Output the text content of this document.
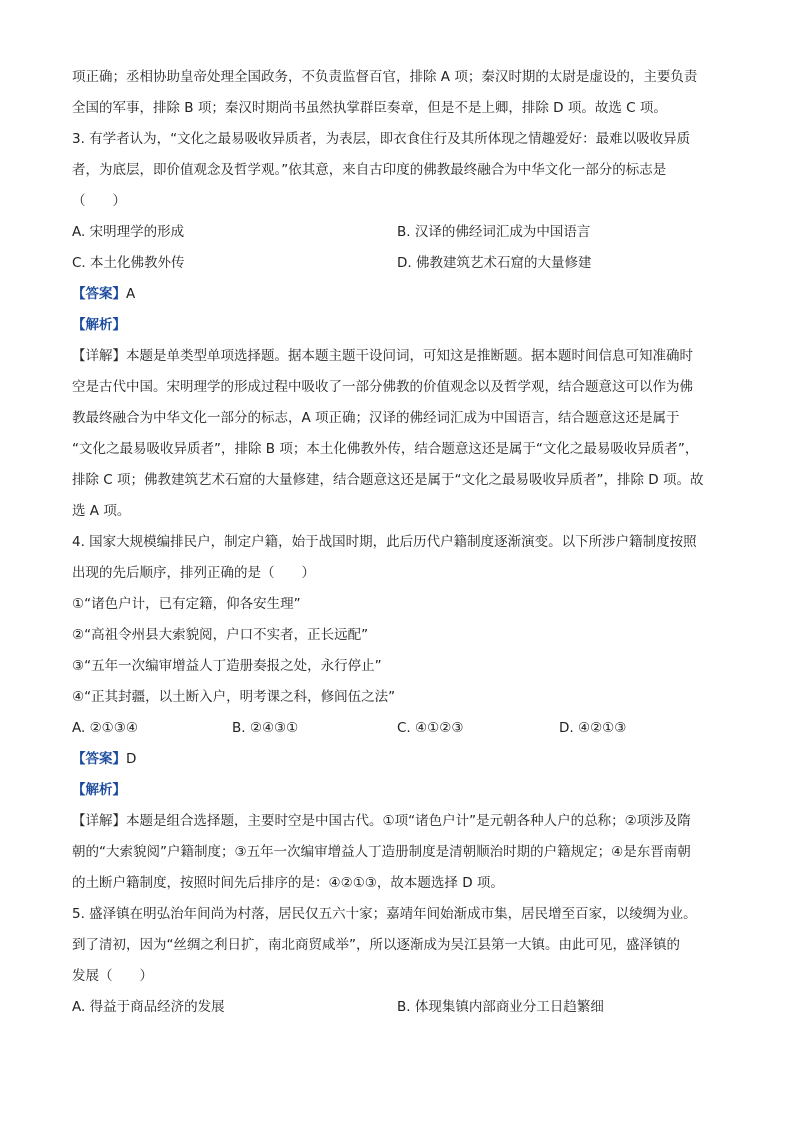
项正确；丞相协助皇帝处理全国政务，不负责监督百官，排除 A 项；秦汉时期的太尉是虚设的，主要负责
全国的军事，排除 B 项；秦汉时期尚书虽然执掌群臣奏章，但是不是上卿，排除 D 项。故选 C 项。
3. 有学者认为，“文化之最易吸收异质者，为表层，即衣食住行及其所体现之情趣爱好：最难以吸收异质
者，为底层，即价值观念及哲学观。”依其意，来自古印度的佛教最终融合为中华文化一部分的标志是
（　　）
A. 宋明理学的形成	B. 汉译的佛经词汇成为中国语言
C. 本土化佛教外传	D. 佛教建筑艺术石窟的大量修建
【答案】A
【解析】
【详解】本题是单类型单项选择题。据本题主题干设问词，可知这是推断题。据本题时间信息可知准确时
空是古代中国。宋明理学的形成过程中吸收了一部分佛教的价值观念以及哲学观，结合题意这可以作为佛
教最终融合为中华文化一部分的标志，A 项正确；汉译的佛经词汇成为中国语言，结合题意这还是属于
“文化之最易吸收异质者”，排除 B 项；本土化佛教外传，结合题意这还是属于“文化之最易吸收异质者”，
排除 C 项；佛教建筑艺术石窟的大量修建，结合题意这还是属于“文化之最易吸收异质者”，排除 D 项。故
选 A 项。
4. 国家大规模编排民户，制定户籍，始于战国时期，此后历代户籍制度逐渐演变。以下所涉户籍制度按照
出现的先后顺序，排列正确的是（　　）
①“诸色户计，已有定籍，仰各安生理”
②“高祖令州县大索貌阅，户口不实者，正长远配”
③“五年一次编审增益人丁造册奏报之处，永行停止”
④“正其封疆，以土断入户，明考课之科，修闾伍之法”
A. ②①③④	B. ②④③①	C. ④①②③	D. ④②①③
【答案】D
【解析】
【详解】本题是组合选择题，主要时空是中国古代。①项“诸色户计”是元朝各种人户的总称；②项涉及隋
朝的“大索貌阅”户籍制度；③五年一次编审增益人丁造册制度是清朝顺治时期的户籍规定；④是东晋南朝
的土断户籍制度，按照时间先后排序的是：④②①③，故本题选择 D 项。
5. 盛泽镇在明弘治年间尚为村落，居民仅五六十家；嘉靖年间始渐成市集，居民增至百家，以绫绸为业。
到了清初，因为“丝绸之利日扩，南北商贸咸举”，所以逐渐成为吴江县第一大镇。由此可见，盛泽镇的
发展（　　）
A. 得益于商品经济的发展	B. 体现集镇内部商业分工日趋繁细
